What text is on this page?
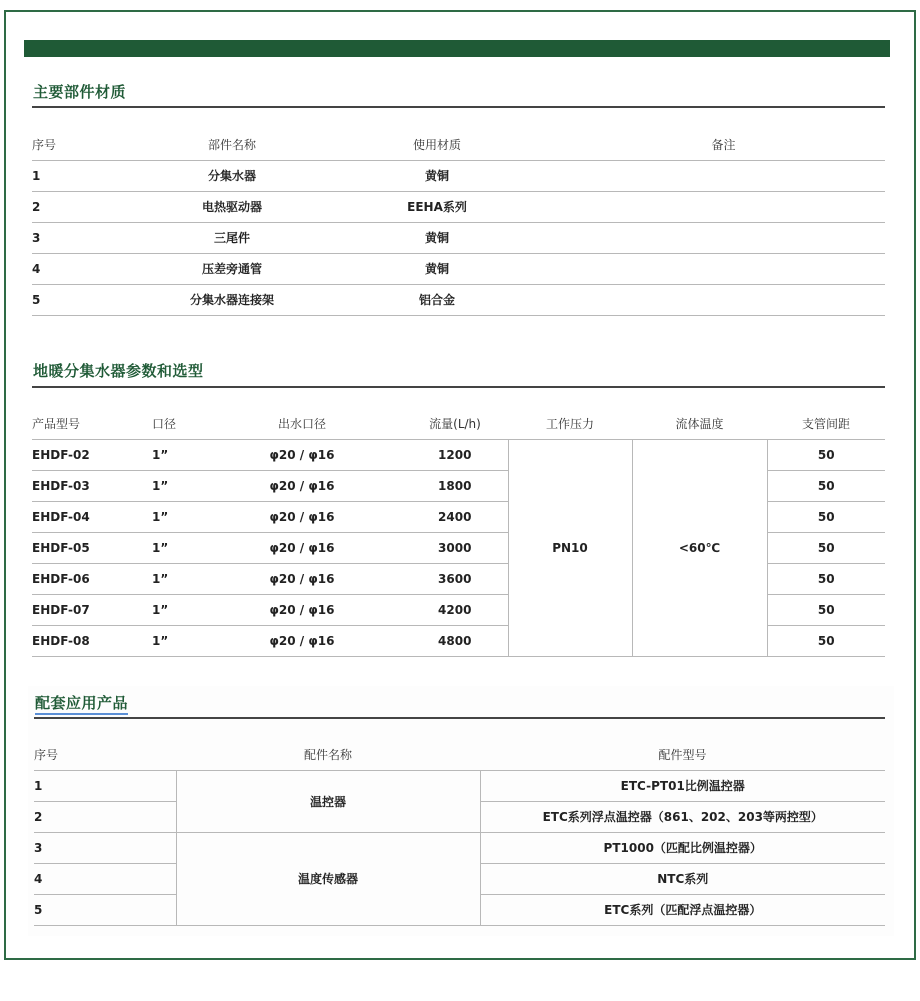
主要部件材质
序号	部件名称	使用材质	备注
1	分集水器	黄铜	
2	电热驱动器	EEHA系列	
3	三尾件	黄铜	
4	压差旁通管	黄铜	
5	分集水器连接架	铝合金	
地暖分集水器参数和选型
产品型号	口径	出水口径	流量(L/h)	工作压力	流体温度	支管间距
EHDF-02	1”	φ20 / φ16	1200	PN10	<60℃	50
EHDF-03	1”	φ20 / φ16	1800			50
EHDF-04	1”	φ20 / φ16	2400			50
EHDF-05	1”	φ20 / φ16	3000			50
EHDF-06	1”	φ20 / φ16	3600			50
EHDF-07	1”	φ20 / φ16	4200			50
EHDF-08	1”	φ20 / φ16	4800			50
配套应用产品
序号	配件名称	配件型号
1	温控器	ETC-PT01比例温控器
2		ETC系列浮点温控器（861、202、203等两控型）
3	温度传感器	PT1000（匹配比例温控器）
4		NTC系列
5		ETC系列（匹配浮点温控器）
